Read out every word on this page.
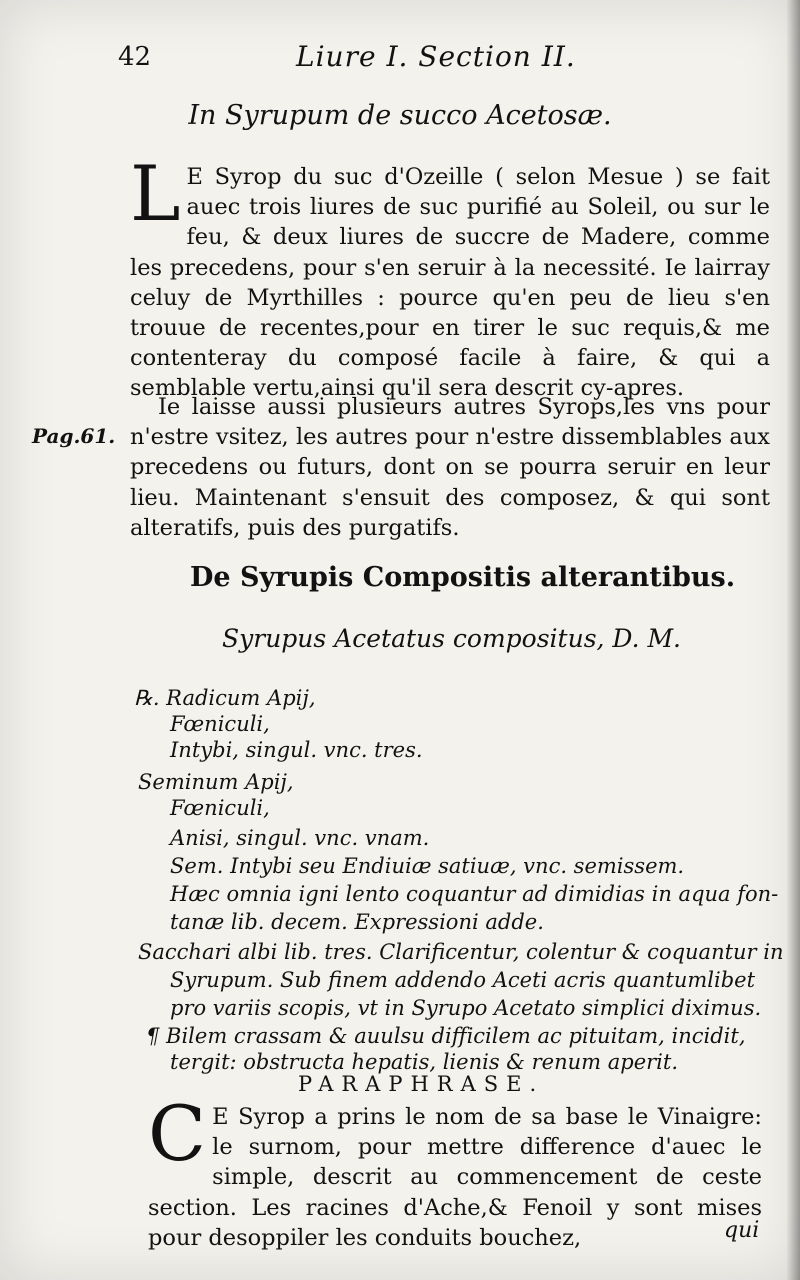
42	Liure I. Section II.
In Syrupum de succo Acetosæ.
L E Syrop du suc d'Ozeille ( selon Mesue ) se fait auec trois liures de suc purifié au Soleil, ou sur le feu, & deux liures de succre de Madere, comme les precedens, pour s'en seruir à la necessité. Ie lairray celuy de Myrthilles : pource qu'en peu de lieu s'en trouue de recentes,pour en tirer le suc requis,& me contenteray du composé facile à faire, & qui a semblable vertu,ainsi qu'il sera descrit cy-apres.
Pag.61.
Ie laisse aussi plusieurs autres Syrops,les vns pour n'estre vsitez, les autres pour n'estre dissemblables aux precedens ou futurs, dont on se pourra seruir en leur lieu. Maintenant s'ensuit des composez, & qui sont alteratifs, puis des purgatifs.
De Syrupis Compositis alterantibus.
Syrupus Acetatus compositus, D. M.
℞. Radicum Apij,
Fœniculi,
Intybi, singul. vnc. tres.
Seminum Apij,
Fœniculi,
Anisi, singul. vnc. vnam.
Sem. Intybi seu Endiuiæ satiuæ, vnc. semissem.
Hæc omnia igni lento coquantur ad dimidias in aqua fon-
tanæ lib. decem. Expressioni adde.
Sacchari albi lib. tres. Clarificentur, colentur & coquantur in
Syrupum. Sub finem addendo Aceti acris quantumlibet
pro variis scopis, vt in Syrupo Acetato simplici diximus.
¶ Bilem crassam & auulsu difficilem ac pituitam, incidit,
tergit: obstructa hepatis, lienis & renum aperit.
PARAPHRASE.
C E Syrop a prins le nom de sa base le Vinaigre: le surnom, pour mettre difference d'auec le simple, descrit au commencement de ceste section. Les racines d'Ache,& Fenoil y sont mises pour desoppiler les conduits bouchez,	qui
